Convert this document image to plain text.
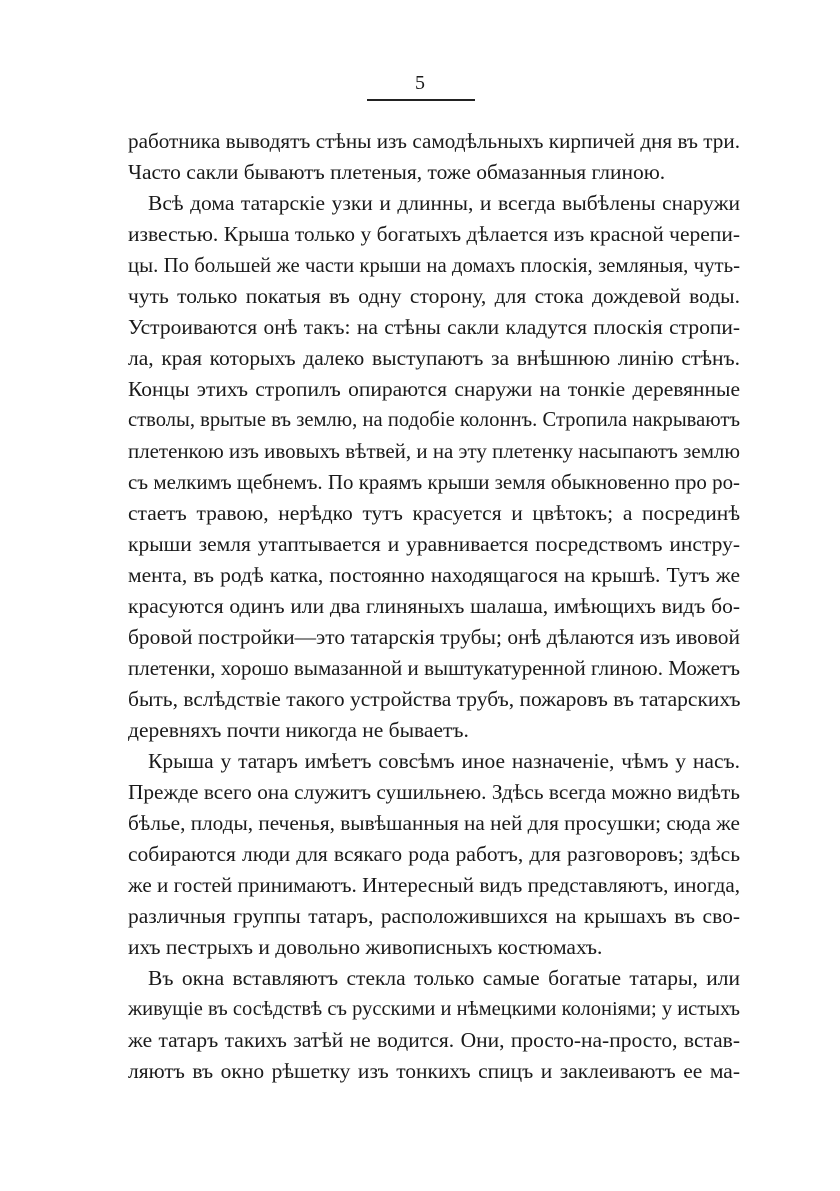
5
работника выводятъ стѣны изъ самодѣльныхъ кирпичей дня въ три.
Часто сакли бываютъ плетеныя, тоже обмазанныя глиною.
Всѣ дома татарскіе узки и длинны, и всегда выбѣлены снаружи
известью. Крыша только у богатыхъ дѣлается изъ красной черепи-
цы. По большей же части крыши на домахъ плоскія, земляныя, чуть-
чуть только покатыя въ одну сторону, для стока дождевой воды.
Устроиваются онѣ такъ: на стѣны сакли кладутся плоскія стропи-
ла, края которыхъ далеко выступаютъ за внѣшнюю линію стѣнъ.
Концы этихъ стропилъ опираются снаружи на тонкіе деревянные
стволы, врытые въ землю, на подобіе колоннъ. Стропила накрываютъ
плетенкою изъ ивовыхъ вѣтвей, и на эту плетенку насыпаютъ землю
съ мелкимъ щебнемъ. По краямъ крыши земля обыкновенно про ро-
стаетъ травою, нерѣдко тутъ красуется и цвѣтокъ; а посрединѣ
крыши земля утаптывается и уравнивается посредствомъ инстру-
мента, въ родѣ катка, постоянно находящагося на крышѣ. Тутъ же
красуются одинъ или два глиняныхъ шалаша, имѣющихъ видъ бо-
бровой постройки—это татарскія трубы; онѣ дѣлаются изъ ивовой
плетенки, хорошо вымазанной и выштукатуренной глиною. Можетъ
быть, вслѣдствіе такого устройства трубъ, пожаровъ въ татарскихъ
деревняхъ почти никогда не бываетъ.
Крыша у татаръ имѣетъ совсѣмъ иное назначеніе, чѣмъ у насъ.
Прежде всего она служитъ сушильнею. Здѣсь всегда можно видѣть
бѣлье, плоды, печенья, вывѣшанныя на ней для просушки; сюда же
собираются люди для всякаго рода работъ, для разговоровъ; здѣсь
же и гостей принимаютъ. Интересный видъ представляютъ, иногда,
различныя группы татаръ, расположившихся на крышахъ въ сво-
ихъ пестрыхъ и довольно живописныхъ костюмахъ.
Въ окна вставляютъ стекла только самые богатые татары, или
живущіе въ сосѣдствѣ съ русскими и нѣмецкими колоніями; у истыхъ
же татаръ такихъ затѣй не водится. Они, просто-на-просто, встав-
ляютъ въ окно рѣшетку изъ тонкихъ спицъ и заклеиваютъ ее ма-
